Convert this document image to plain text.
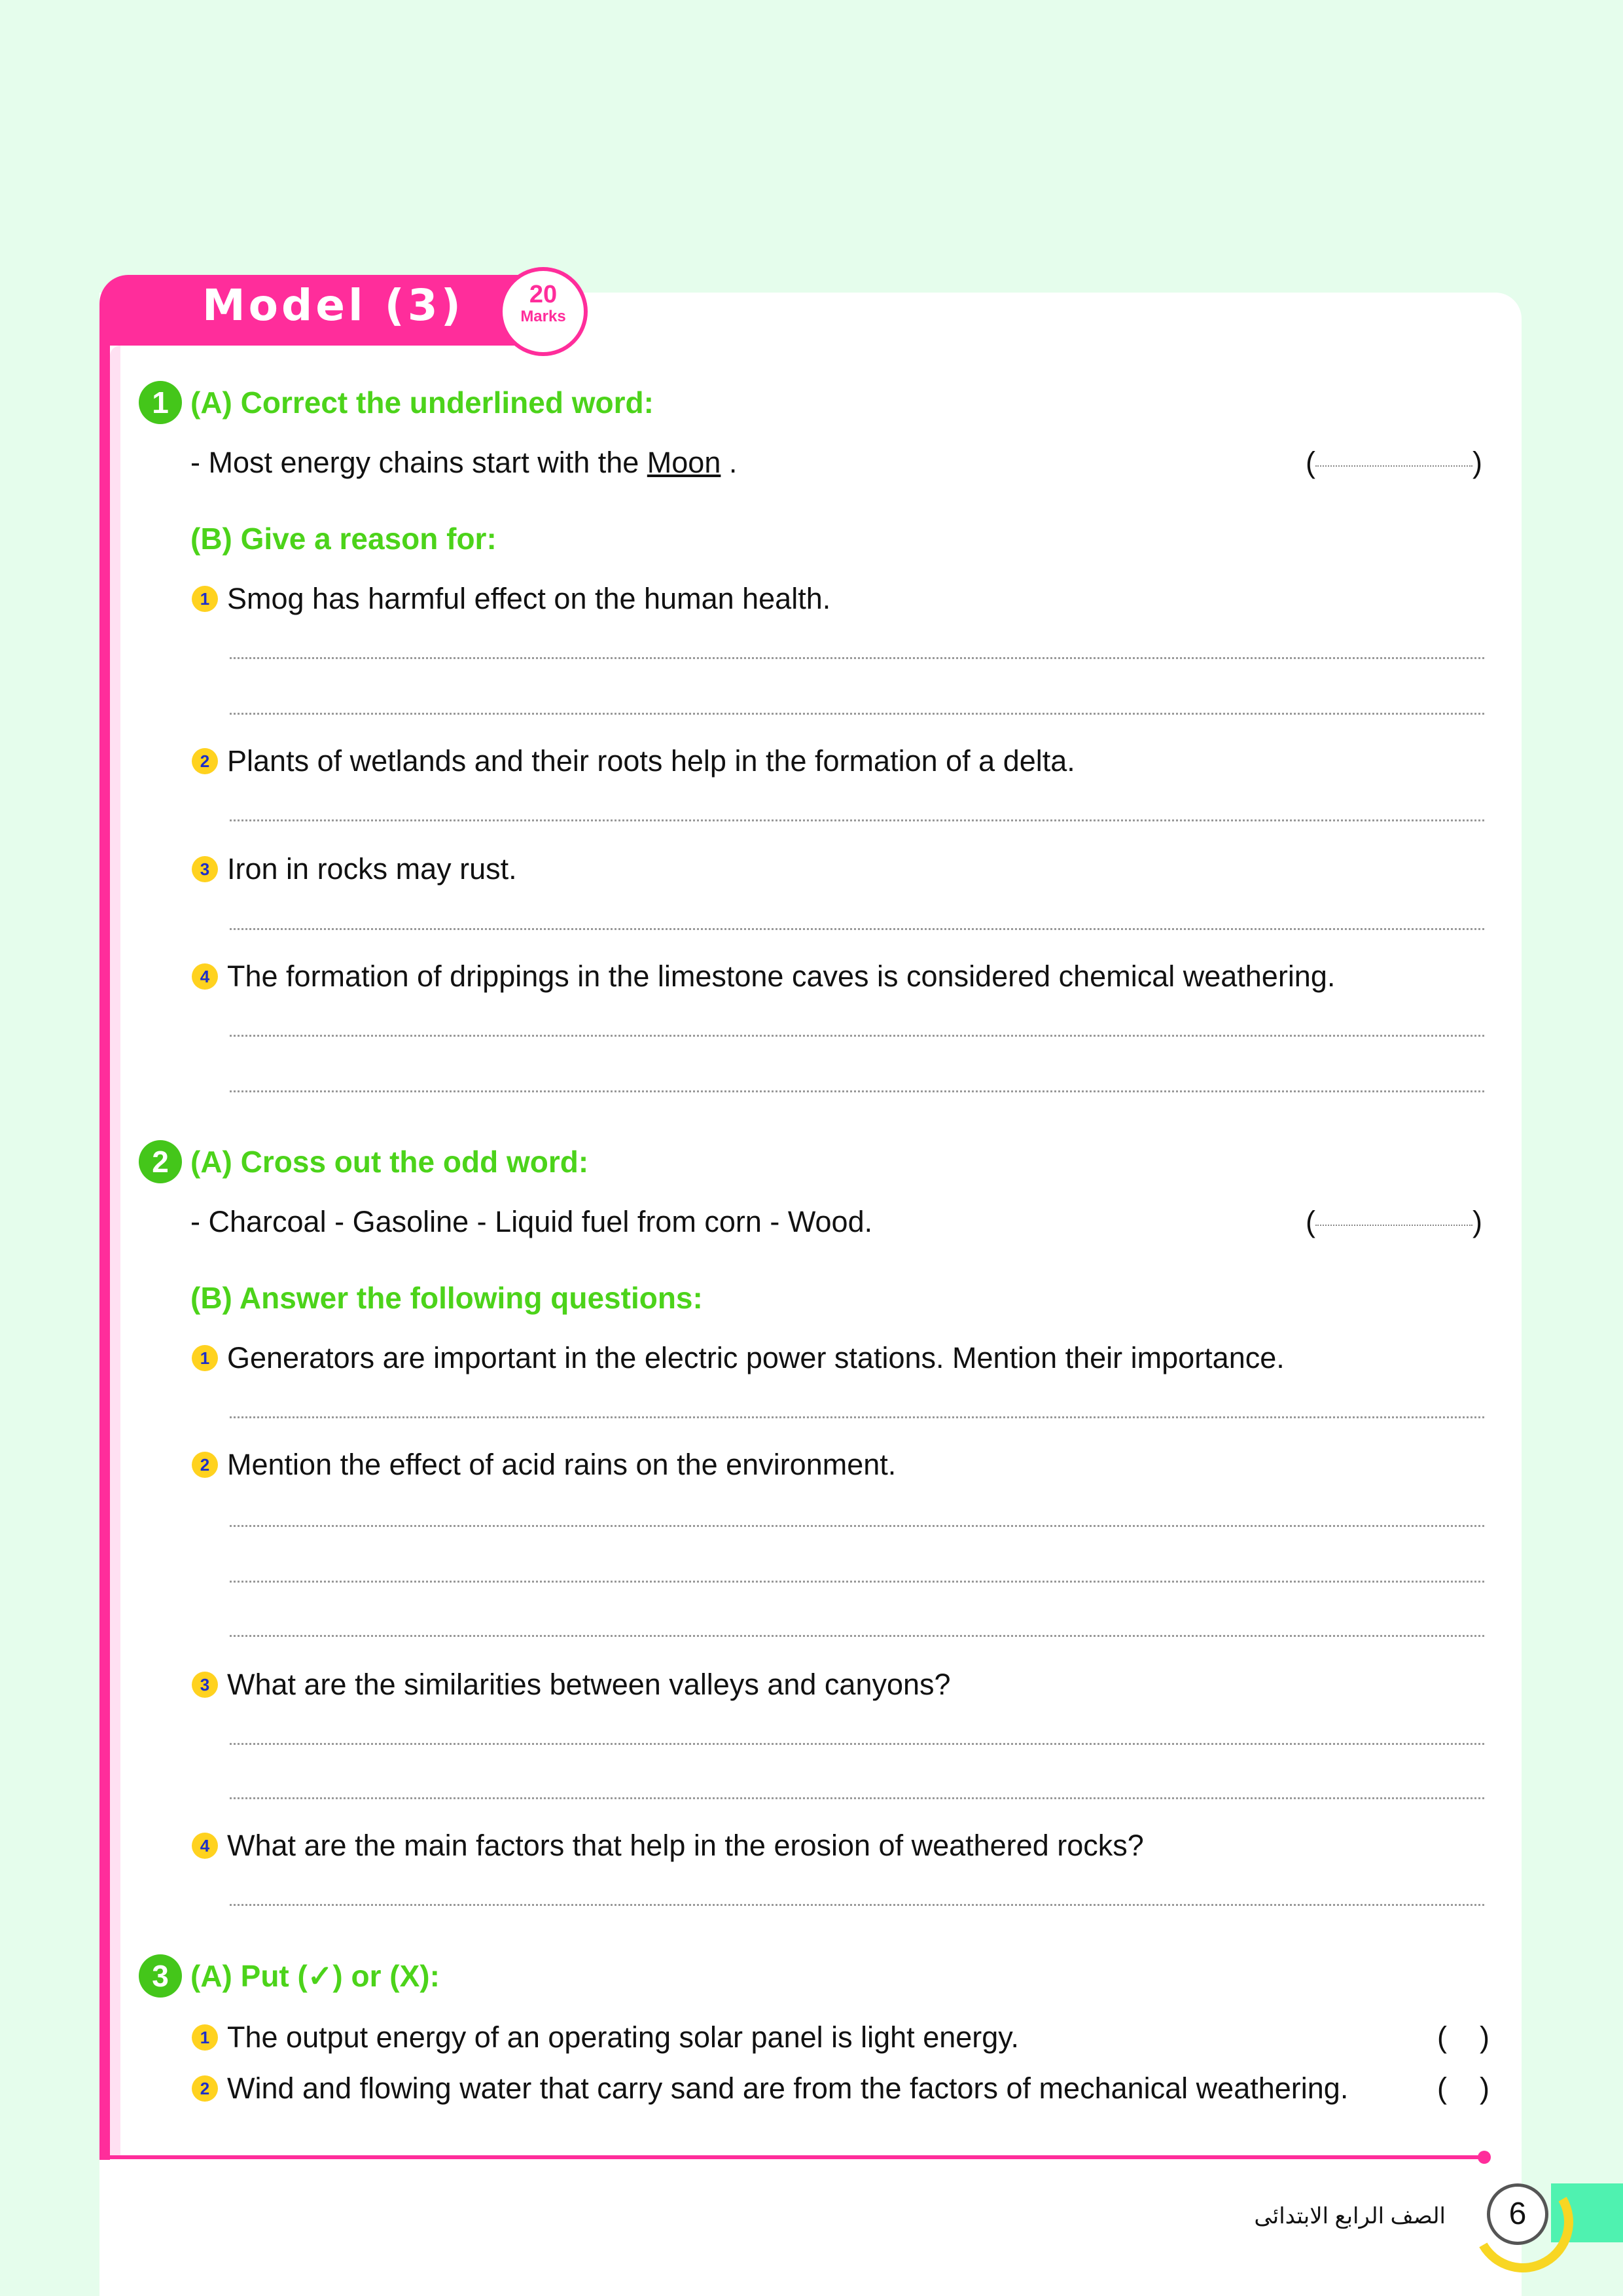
Model (3)	20
Marks
1 (A) Correct the underlined word:
- Most energy chains start with the Moon .	(	)
(B) Give a reason for:
1 Smog has harmful effect on the human health.
2 Plants of wetlands and their roots help in the formation of a delta.
3 Iron in rocks may rust.
4 The formation of drippings in the limestone caves is considered chemical weathering.
2 (A) Cross out the odd word:
- Charcoal - Gasoline - Liquid fuel from corn - Wood.	(	)
(B) Answer the following questions:
1 Generators are important in the electric power stations. Mention their importance.
2 Mention the effect of acid rains on the environment.
3 What are the similarities between valleys and canyons?
4 What are the main factors that help in the erosion of weathered rocks?
3 (A) Put (✓) or (X):
1 The output energy of an operating solar panel is light energy.	(    )
2 Wind and flowing water that carry sand are from the factors of mechanical weathering.	(    )
6
الصف الرابع الابتدائى
